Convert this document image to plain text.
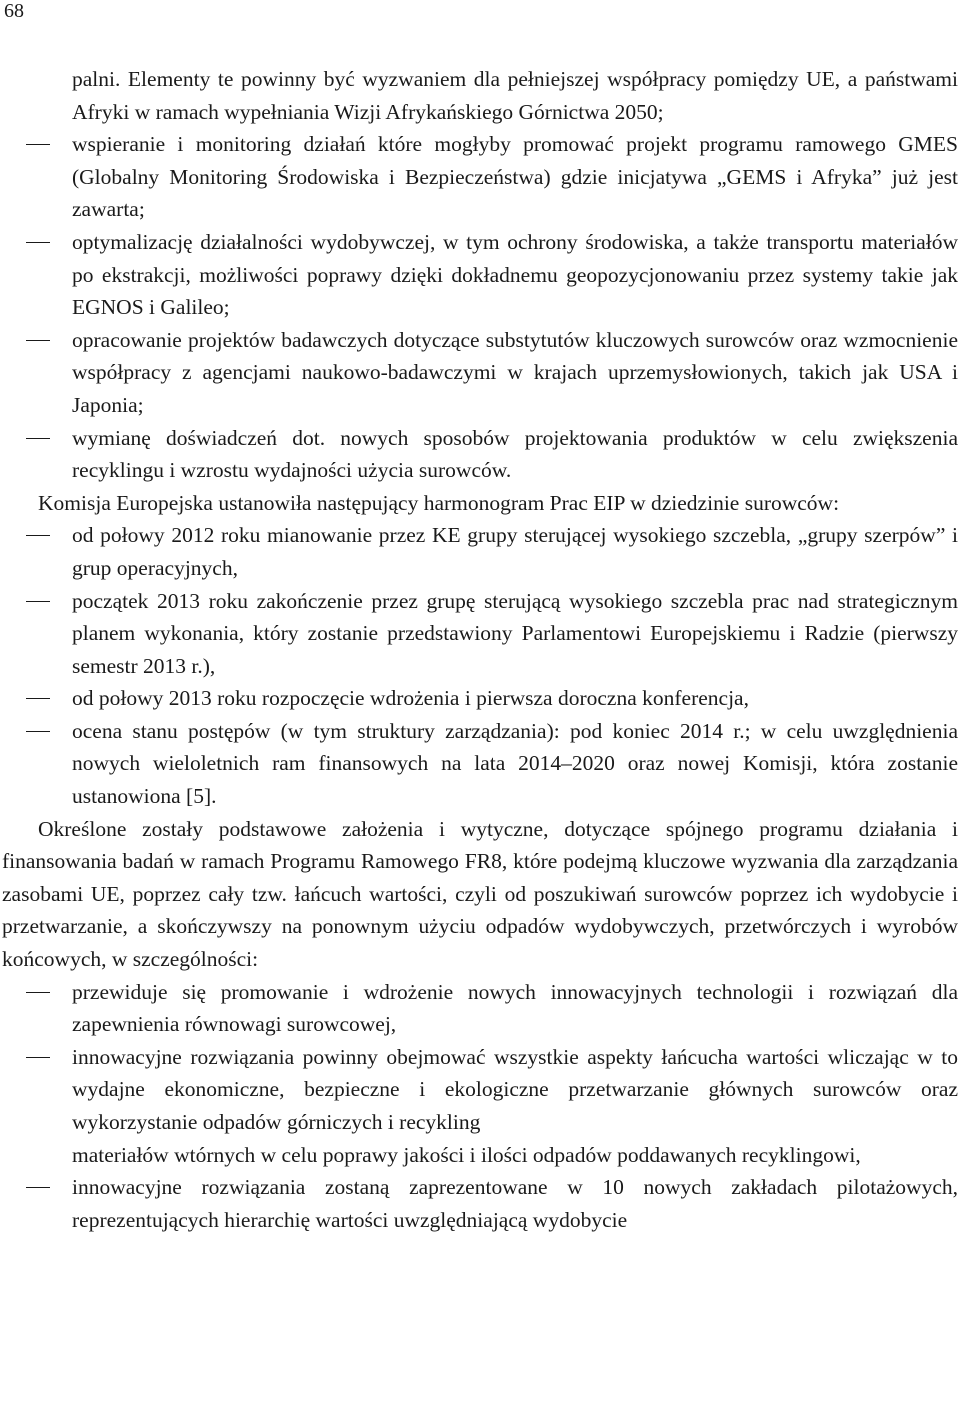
68

palni. Elementy te powinny być wyzwaniem dla pełniejszej współpracy pomiędzy UE, a państwami Afryki w ramach wypełniania Wizji Afrykańskiego Górnictwa 2050;

wspieranie i monitoring działań które mogłyby promować projekt programu ramowego GMES (Globalny Monitoring Środowiska i Bezpieczeństwa) gdzie inicjatywa „GEMS i Afryka” już jest zawarta;
optymalizację działalności wydobywczej, w tym ochrony środowiska, a także transportu materiałów po ekstrakcji, możliwości poprawy dzięki dokładnemu geopozycjonowaniu przez systemy takie jak EGNOS i Galileo;
opracowanie projektów badawczych dotyczące substytutów kluczowych surowców oraz wzmocnienie współpracy z agencjami naukowo-badawczymi w krajach uprzemysłowionych, takich jak USA i Japonia;
wymianę doświadczeń dot. nowych sposobów projektowania produktów w celu zwiększenia recyklingu i wzrostu wydajności użycia surowców.

Komisja Europejska ustanowiła następujący harmonogram Prac EIP w dziedzinie surowców:

od połowy 2012 roku mianowanie przez KE grupy sterującej wysokiego szczebla, „grupy szerpów” i grup operacyjnych,
początek 2013 roku zakończenie przez grupę sterującą wysokiego szczebla prac nad strategicznym planem wykonania, który zostanie przedstawiony Parlamentowi Europejskiemu i Radzie (pierwszy semestr 2013 r.),
od połowy 2013 roku rozpoczęcie wdrożenia i pierwsza doroczna konferencja,
ocena stanu postępów (w tym struktury zarządzania): pod koniec 2014 r.; w celu uwzględnienia nowych wieloletnich ram finansowych na lata 2014–2020 oraz nowej Komisji, która zostanie ustanowiona [5].

Określone zostały podstawowe założenia i wytyczne, dotyczące spójnego programu działania i finansowania badań w ramach Programu Ramowego FR8, które podejmą kluczowe wyzwania dla zarządzania zasobami UE, poprzez cały tzw. łańcuch wartości, czyli od poszukiwań surowców poprzez ich wydobycie i przetwarzanie, a skończywszy na ponownym użyciu odpadów wydobywczych, przetwórczych i wyrobów końcowych, w szczególności:

przewiduje się promowanie i wdrożenie nowych innowacyjnych technologii i rozwiązań dla zapewnienia równowagi surowcowej,
innowacyjne rozwiązania powinny obejmować wszystkie aspekty łańcucha wartości wliczając w to wydajne ekonomiczne, bezpieczne i ekologiczne przetwarzanie głównych surowców oraz wykorzystanie odpadów górniczych i recykling
materiałów wtórnych w celu poprawy jakości i ilości odpadów poddawanych recyklingowi,
innowacyjne rozwiązania zostaną zaprezentowane w 10 nowych zakładach pilotażowych, reprezentujących hierarchię wartości uwzględniającą wydobycie
